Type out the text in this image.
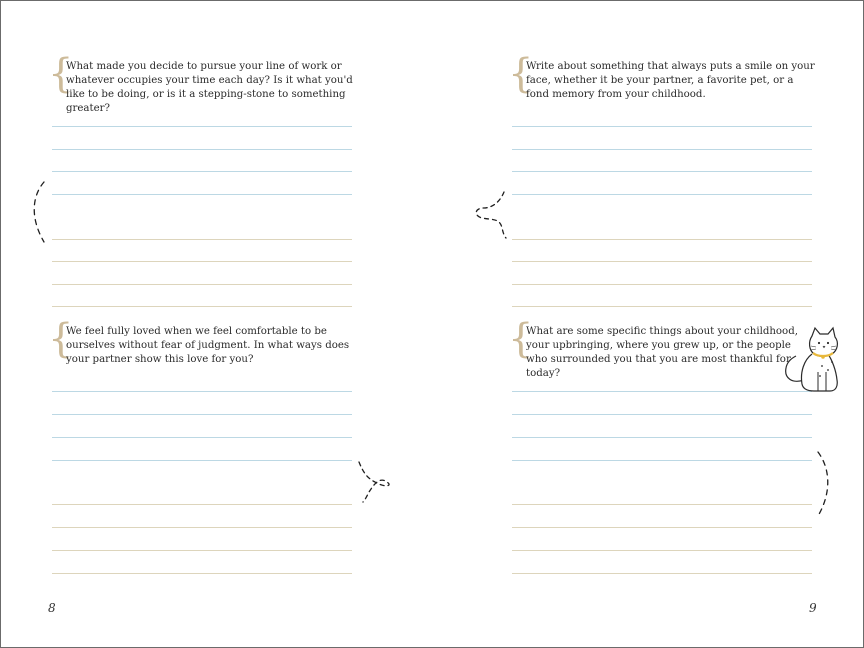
{
What made you decide to pursue your line of work or whatever occupies your time each day? Is it what you'd like to be doing, or is it a stepping-stone to something greater?
{
We feel fully loved when we feel comfortable to be ourselves without fear of judgment. In what ways does your partner show this love for you?
8
{
Write about something that always puts a smile on your face, whether it be your partner, a favorite pet, or a fond memory from your childhood.
{
What are some specific things about your childhood, your upbringing, where you grew up, or the people who surrounded you that you are most thankful for today?
9
